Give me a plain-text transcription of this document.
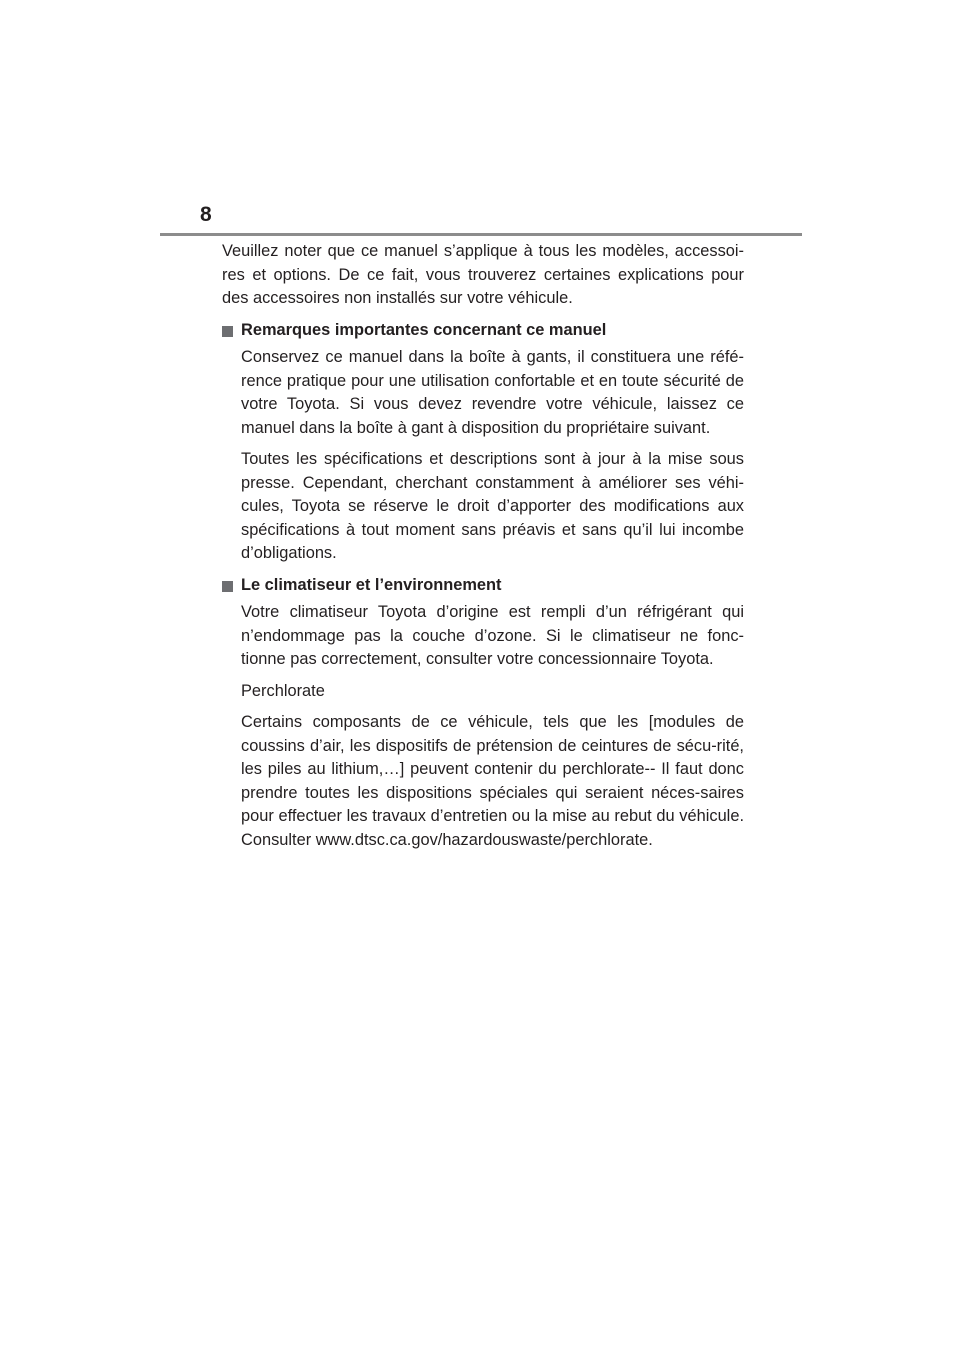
8

Veuillez noter que ce manuel s’applique à tous les modèles, accessoi-res et options. De ce fait, vous trouverez certaines explications pour des accessoires non installés sur votre véhicule.

Remarques importantes concernant ce manuel

Conservez ce manuel dans la boîte à gants, il constituera une réfé-rence pratique pour une utilisation confortable et en toute sécurité de votre Toyota. Si vous devez revendre votre véhicule, laissez ce manuel dans la boîte à gant à disposition du propriétaire suivant.

Toutes les spécifications et descriptions sont à jour à la mise sous presse. Cependant, cherchant constamment à améliorer ses véhi-cules, Toyota se réserve le droit d’apporter des modifications aux spécifications à tout moment sans préavis et sans qu’il lui incombe d’obligations.

Le climatiseur et l’environnement

Votre climatiseur Toyota d’origine est rempli d’un réfrigérant qui n’endommage pas la couche d’ozone. Si le climatiseur ne fonc-tionne pas correctement, consulter votre concessionnaire Toyota.

Perchlorate

Certains composants de ce véhicule, tels que les [modules de coussins d’air, les dispositifs de prétension de ceintures de sécu-rité, les piles au lithium,…] peuvent contenir du perchlorate-- Il faut donc prendre toutes les dispositions spéciales qui seraient néces-saires pour effectuer les travaux d’entretien ou la mise au rebut du véhicule. Consulter www.dtsc.ca.gov/hazardouswaste/perchlorate.
